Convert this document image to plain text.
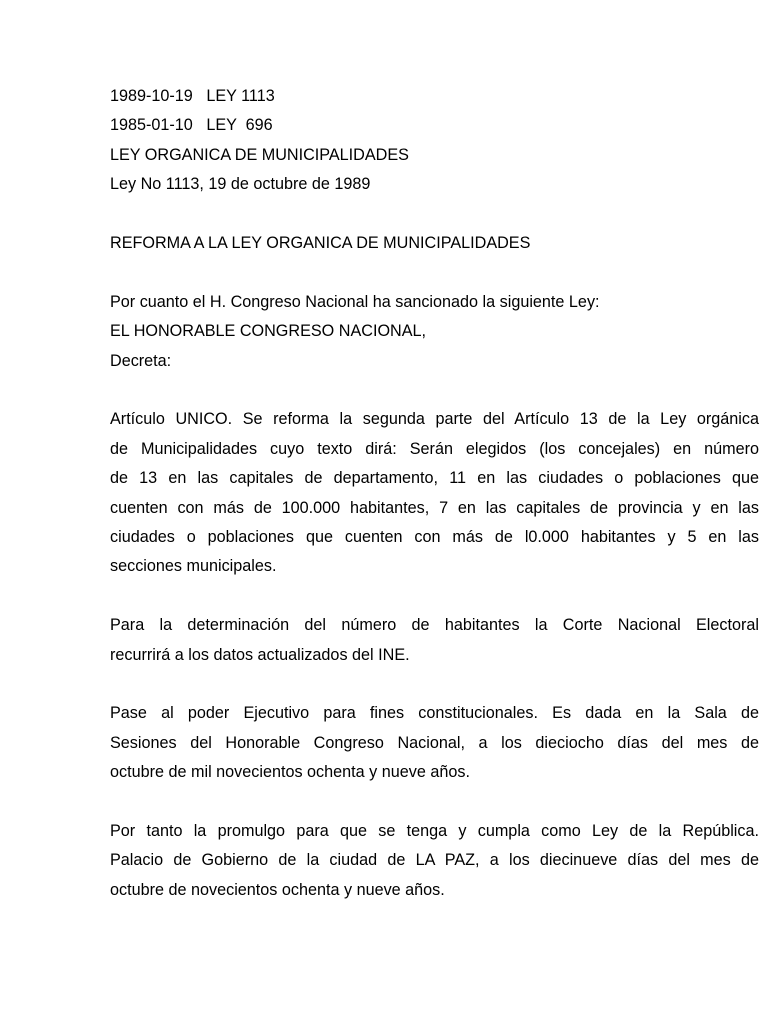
1989-10-19 LEY 1113
1985-01-10 LEY  696
LEY ORGANICA DE MUNICIPALIDADES
Ley No 1113, 19 de octubre de 1989
REFORMA A LA LEY ORGANICA DE MUNICIPALIDADES
Por cuanto el H. Congreso Nacional ha sancionado la siguiente Ley:
EL HONORABLE CONGRESO NACIONAL,
Decreta:
Artículo UNICO. Se reforma la segunda parte del Artículo 13 de la Ley orgánica
de Municipalidades cuyo texto dirá: Serán elegidos (los concejales) en número
de 13 en las capitales de departamento, 11 en las ciudades o poblaciones que
cuenten con más de 100.000 habitantes, 7 en las capitales de provincia y en las
ciudades o poblaciones que cuenten con más de l0.000 habitantes y 5 en las
secciones municipales.
Para la determinación del número de habitantes la Corte Nacional Electoral
recurrirá a los datos actualizados del INE.
Pase al poder Ejecutivo para fines constitucionales. Es dada en la Sala de
Sesiones del Honorable Congreso Nacional, a los dieciocho días del mes de
octubre de mil novecientos ochenta y nueve años.
Por tanto la promulgo para que se tenga y cumpla como Ley de la República.
Palacio de Gobierno de la ciudad de LA PAZ, a los diecinueve días del mes de
octubre de novecientos ochenta y nueve años.
